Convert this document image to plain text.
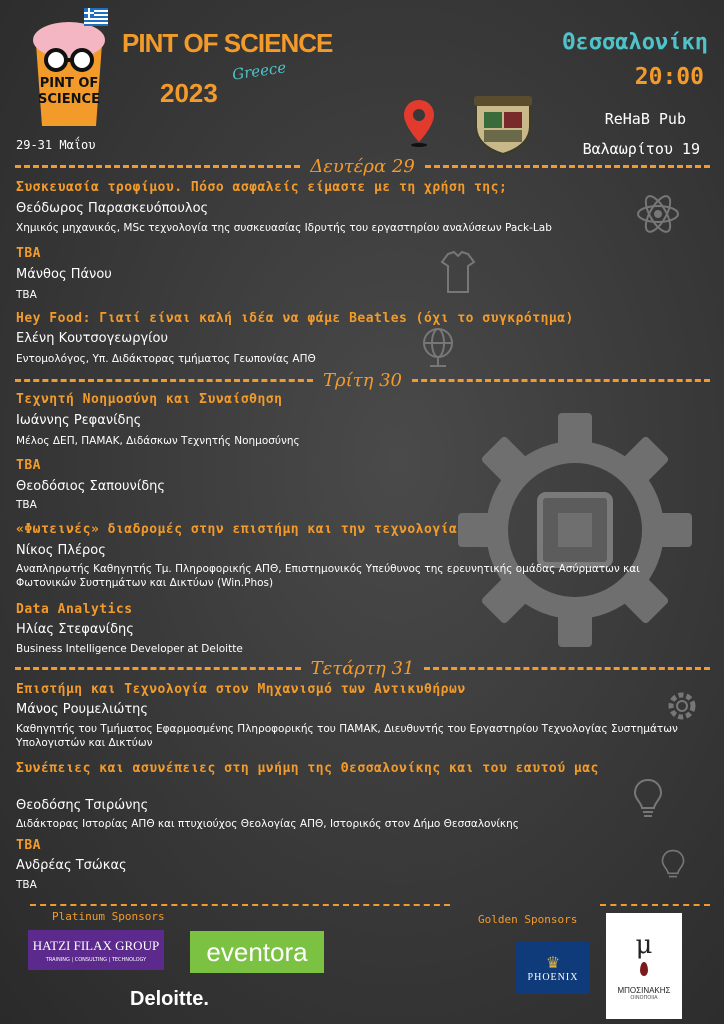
PINT OF SCIENCE
PINT OF SCIENCE
2023
Greece
29-31 Μαΐου
Θεσσαλονίκη
20:00
ReHaB Pub
Βαλαωρίτου 19
Δευτέρα 29
Συσκευασία τροφίμου. Πόσο ασφαλείς είμαστε με τη χρήση της;
Θεόδωρος Παρασκευόπουλος
Χημικός μηχανικός, MSc τεχνολογία της συσκευασίας Ιδρυτής του εργαστηρίου αναλύσεων Pack-Lab
TBA
Μάνθος Πάνου
TBA
Hey Food: Γιατί είναι καλή ιδέα να φάμε Beatles (όχι το συγκρότημα)
Ελένη Κουτσογεωργίου
Εντομολόγος, Υπ. Διδάκτορας τμήματος Γεωπονίας ΑΠΘ
Τρίτη 30
Τεχνητή Νοημοσύνη και Συναίσθηση
Ιωάννης Ρεφανίδης
Μέλος ΔΕΠ, ΠΑΜΑΚ, Διδάσκων Τεχνητής Νοημοσύνης
TBA
Θεοδόσιος Σαπουνίδης
TBA
«Φωτεινές» διαδρομές στην επιστήμη και την τεχνολογία
Νίκος Πλέρος
Αναπληρωτής Καθηγητής Τμ. Πληροφορικής ΑΠΘ, Επιστημονικός Υπεύθυνος της ερευνητικής ομάδας Ασύρματων και Φωτονικών Συστημάτων και Δικτύων (Win.Phos)
Data Analytics
Ηλίας Στεφανίδης
Business Intelligence Developer at Deloitte
Τετάρτη 31
Επιστήμη και Τεχνολογία στον Μηχανισμό των Αντικυθήρων
Μάνος Ρουμελιώτης
Καθηγητής του Τμήματος Εφαρμοσμένης Πληροφορικής του ΠΑΜΑΚ, Διευθυντής του Εργαστηρίου Τεχνολογίας Συστημάτων Υπολογιστών και Δικτύων
Συνέπειες και ασυνέπειες στη μνήμη της Θεσσαλονίκης και του εαυτού μας
Θεοδόσης Τσιρώνης
Διδάκτορας Ιστορίας ΑΠΘ και πτυχιούχος Θεολογίας ΑΠΘ, Ιστορικός στον Δήμο Θεσσαλονίκης
TBA
Ανδρέας Τσώκας
TBA
Platinum Sponsors	Golden Sponsors
HATZI FILAX GROUP
TRAINING | CONSULTING | TECHNOLOGY eventora
Deloitte.
♛
PHOENIX
μ
ΜΠΟΣΙΝΑΚΗΣ
ΟΙΝΟΠΟΙΙΑ
